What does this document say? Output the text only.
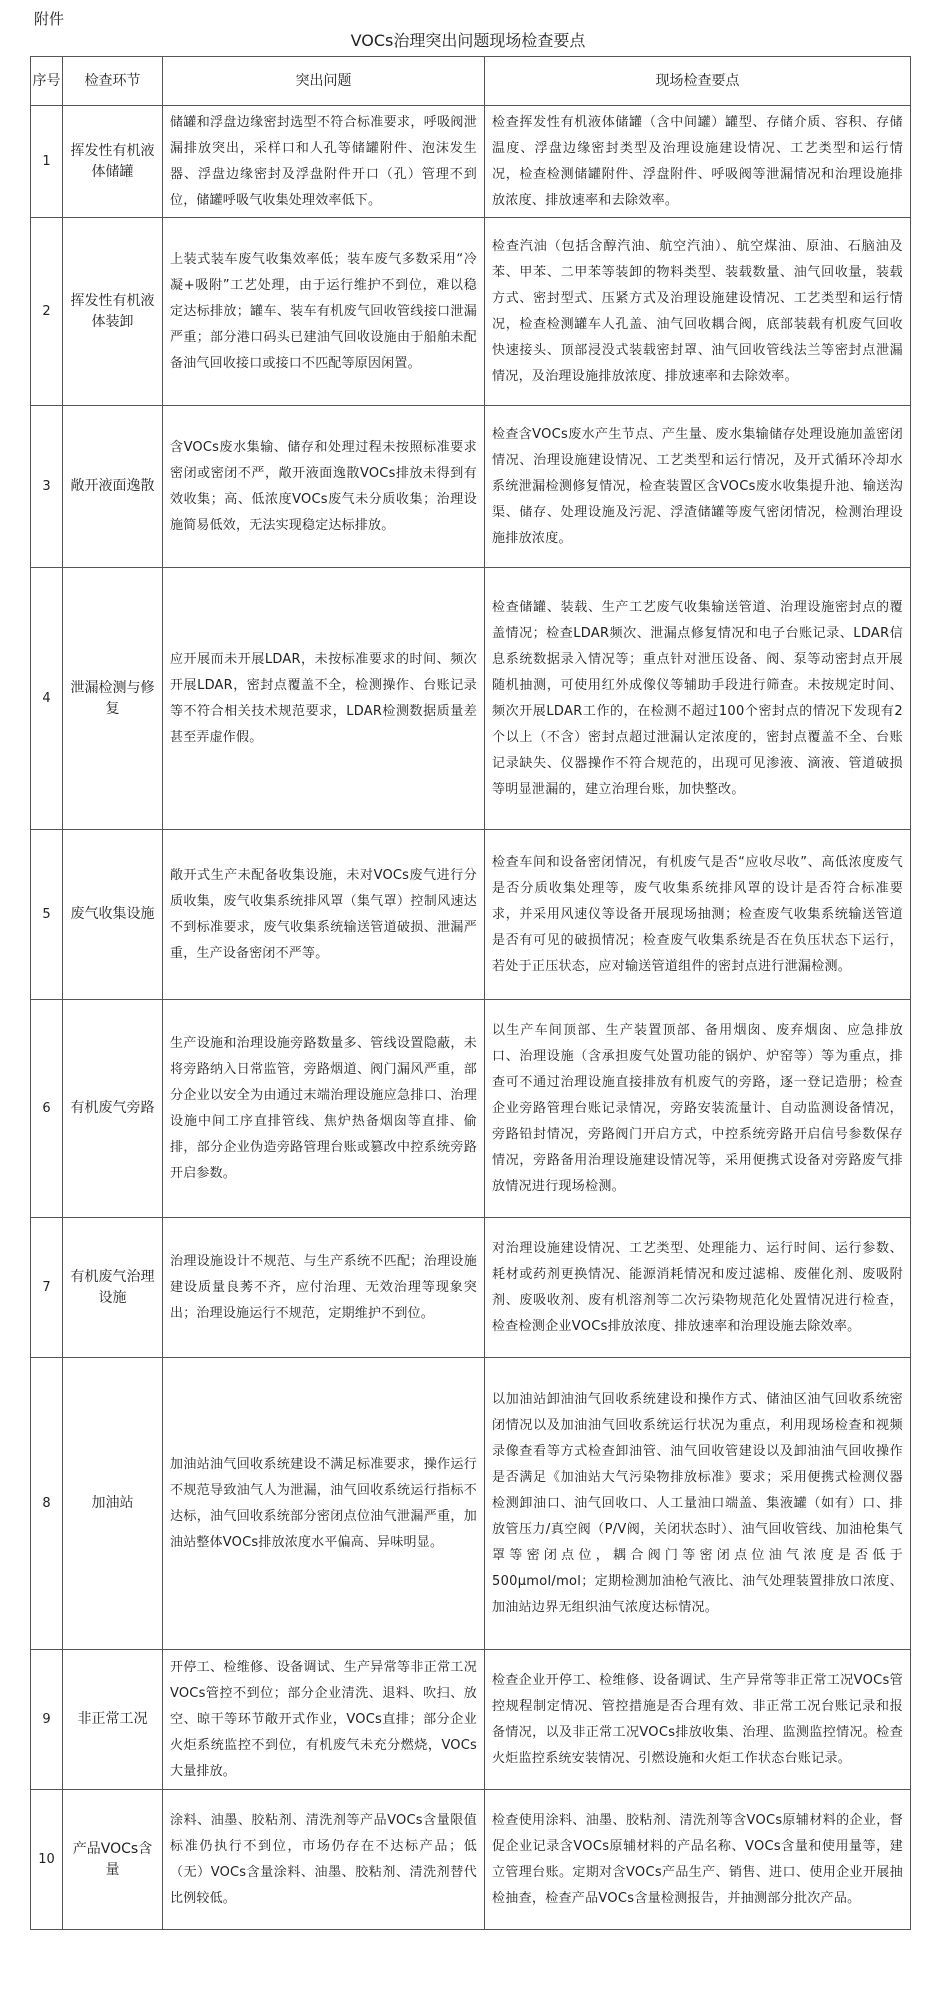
附件
VOCs治理突出问题现场检查要点
序号	检查环节	突出问题	现场检查要点
1	挥发性有机液体储罐	储罐和浮盘边缘密封选型不符合标准要求，呼吸阀泄漏排放突出，采样口和人孔等储罐附件、泡沫发生器、浮盘边缘密封及浮盘附件开口（孔）管理不到位，储罐呼吸气收集处理效率低下。	检查挥发性有机液体储罐（含中间罐）罐型、存储介质、容积、存储温度、浮盘边缘密封类型及治理设施建设情况、工艺类型和运行情况，检查检测储罐附件、浮盘附件、呼吸阀等泄漏情况和治理设施排放浓度、排放速率和去除效率。
2	挥发性有机液体装卸	上装式装车废气收集效率低；装车废气多数采用“冷凝+吸附”工艺处理，由于运行维护不到位，难以稳定达标排放；罐车、装车有机废气回收管线接口泄漏严重；部分港口码头已建油气回收设施由于船舶未配备油气回收接口或接口不匹配等原因闲置。	检查汽油（包括含醇汽油、航空汽油）、航空煤油、原油、石脑油及苯、甲苯、二甲苯等装卸的物料类型、装载数量、油气回收量，装载方式、密封型式、压紧方式及治理设施建设情况、工艺类型和运行情况，检查检测罐车人孔盖、油气回收耦合阀，底部装载有机废气回收快速接头、顶部浸没式装载密封罩、油气回收管线法兰等密封点泄漏情况，及治理设施排放浓度、排放速率和去除效率。
3	敞开液面逸散	含VOCs废水集输、储存和处理过程未按照标准要求密闭或密闭不严，敞开液面逸散VOCs排放未得到有效收集；高、低浓度VOCs废气未分质收集；治理设施简易低效，无法实现稳定达标排放。	检查含VOCs废水产生节点、产生量、废水集输储存处理设施加盖密闭情况、治理设施建设情况、工艺类型和运行情况，及开式循环冷却水系统泄漏检测修复情况，检查装置区含VOCs废水收集提升池、输送沟渠、储存、处理设施及污泥、浮渣储罐等废气密闭情况，检测治理设施排放浓度。
4	泄漏检测与修复	应开展而未开展LDAR，未按标准要求的时间、频次开展LDAR，密封点覆盖不全，检测操作、台账记录等不符合相关技术规范要求，LDAR检测数据质量差甚至弄虚作假。	检查储罐、装载、生产工艺废气收集输送管道、治理设施密封点的覆盖情况；检查LDAR频次、泄漏点修复情况和电子台账记录、LDAR信息系统数据录入情况等；重点针对泄压设备、阀、泵等动密封点开展随机抽测，可使用红外成像仪等辅助手段进行筛查。未按规定时间、频次开展LDAR工作的，在检测不超过100个密封点的情况下发现有2个以上（不含）密封点超过泄漏认定浓度的，密封点覆盖不全、台账记录缺失、仪器操作不符合规范的，出现可见渗液、滴液、管道破损等明显泄漏的，建立治理台账，加快整改。
5	废气收集设施	敞开式生产未配备收集设施，未对VOCs废气进行分质收集，废气收集系统排风罩（集气罩）控制风速达不到标准要求，废气收集系统输送管道破损、泄漏严重，生产设备密闭不严等。	检查车间和设备密闭情况，有机废气是否“应收尽收”、高低浓度废气是否分质收集处理等，废气收集系统排风罩的设计是否符合标准要求，并采用风速仪等设备开展现场抽测；检查废气收集系统输送管道是否有可见的破损情况；检查废气收集系统是否在负压状态下运行，若处于正压状态，应对输送管道组件的密封点进行泄漏检测。
6	有机废气旁路	生产设施和治理设施旁路数量多、管线设置隐蔽，未将旁路纳入日常监管，旁路烟道、阀门漏风严重，部分企业以安全为由通过末端治理设施应急排口、治理设施中间工序直排管线、焦炉热备烟囱等直排、偷排，部分企业伪造旁路管理台账或篡改中控系统旁路开启参数。	以生产车间顶部、生产装置顶部、备用烟囱、废弃烟囱、应急排放口、治理设施（含承担废气处置功能的锅炉、炉窑等）等为重点，排查可不通过治理设施直接排放有机废气的旁路，逐一登记造册；检查企业旁路管理台账记录情况，旁路安装流量计、自动监测设备情况，旁路铅封情况，旁路阀门开启方式，中控系统旁路开启信号参数保存情况，旁路备用治理设施建设情况等，采用便携式设备对旁路废气排放情况进行现场检测。
7	有机废气治理设施	治理设施设计不规范、与生产系统不匹配；治理设施建设质量良莠不齐，应付治理、无效治理等现象突出；治理设施运行不规范，定期维护不到位。	对治理设施建设情况、工艺类型、处理能力、运行时间、运行参数、耗材或药剂更换情况、能源消耗情况和废过滤棉、废催化剂、废吸附剂、废吸收剂、废有机溶剂等二次污染物规范化处置情况进行检查，检查检测企业VOCs排放浓度、排放速率和治理设施去除效率。
8	加油站	加油站油气回收系统建设不满足标准要求，操作运行不规范导致油气人为泄漏，油气回收系统运行指标不达标，油气回收系统部分密闭点位油气泄漏严重，加油站整体VOCs排放浓度水平偏高、异味明显。	以加油站卸油油气回收系统建设和操作方式、储油区油气回收系统密闭情况以及加油油气回收系统运行状况为重点，利用现场检查和视频录像查看等方式检查卸油管、油气回收管建设以及卸油油气回收操作是否满足《加油站大气污染物排放标准》要求；采用便携式检测仪器检测卸油口、油气回收口、人工量油口端盖、集液罐（如有）口、排放管压力/真空阀（P/V阀，关闭状态时）、油气回收管线、加油枪集气罩等密闭点位，耦合阀门等密闭点位油气浓度是否低于500μmol/mol；定期检测加油枪气液比、油气处理装置排放口浓度、加油站边界无组织油气浓度达标情况。
9	非正常工况	开停工、检维修、设备调试、生产异常等非正常工况VOCs管控不到位；部分企业清洗、退料、吹扫、放空、晾干等环节敞开式作业，VOCs直排；部分企业火炬系统监控不到位，有机废气未充分燃烧，VOCs大量排放。	检查企业开停工、检维修、设备调试、生产异常等非正常工况VOCs管控规程制定情况、管控措施是否合理有效、非正常工况台账记录和报备情况，以及非正常工况VOCs排放收集、治理、监测监控情况。检查火炬监控系统安装情况、引燃设施和火炬工作状态台账记录。
10	产品VOCs含量	涂料、油墨、胶粘剂、清洗剂等产品VOCs含量限值标准仍执行不到位，市场仍存在不达标产品；低（无）VOCs含量涂料、油墨、胶粘剂、清洗剂替代比例较低。	检查使用涂料、油墨、胶粘剂、清洗剂等含VOCs原辅材料的企业，督促企业记录含VOCs原辅材料的产品名称、VOCs含量和使用量等，建立管理台账。定期对含VOCs产品生产、销售、进口、使用企业开展抽检抽查，检查产品VOCs含量检测报告，并抽测部分批次产品。
